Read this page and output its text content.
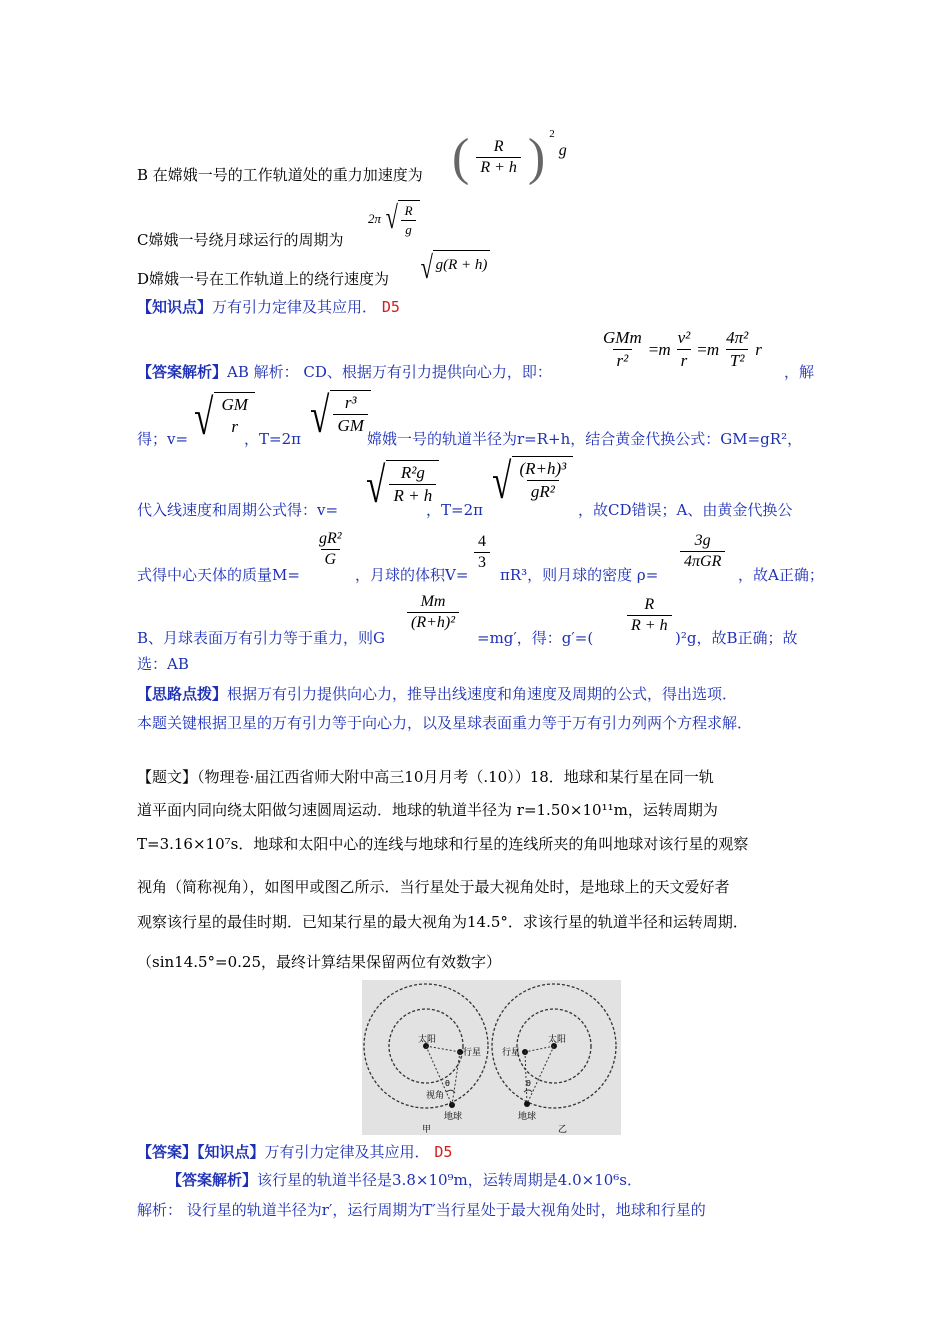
B 在嫦娥一号的工作轨道处的重力加速度为 ( $\frac{R}{R + h}$ ) $^2$ g
C嫦娥一号绕月球运行的周期为
2π √ $\frac{R}{g}$
D嫦娥一号在工作轨道上的绕行速度为 √ g(R + h)
【知识点】万有引力定律及其应用． D5
【答案解析】AB 解析： CD、根据万有引力提供向心力，即：
$\frac{\text{GMm}}{\text{r²}} = m \frac{\text{v²}}{r} = m \frac{\text{4π²}}{\text{T²}}$ r
，解
得；v= √ GM
r
，T=2π √ $\frac{\text{r³}}{GM}$
嫦娥一号的轨道半径为r=R+h，结合黄金代换公式：GM=gR²，
代入线速度和周期公式得：v= √ $\frac{\text{R²g}}{R + h}$
，T=2π
√ $\frac{\text{(R+h)³}}{\text{gR²}}$
，故CD错误；A、由黄金代换公
式得中心天体的质量M=
$\frac{\text{gR²}}{G}$
，月球的体积V=
$\frac{4}{3}$
πR³，则月球的密度 ρ=
$\frac{3g}{\text{4πGR}}$
，故A正确；
B、月球表面万有引力等于重力，则G
$\frac{Mm}{\text{(R+h)²}}$
=mg′，得：g′=(
$\frac{R}{R + h}$
)²g，故B正确；故
选：AB
【思路点拨】根据万有引力提供向心力，推导出线速度和角速度及周期的公式，得出选项．
本题关键根据卫星的万有引力等于向心力，以及星球表面重力等于万有引力列两个方程求解．
【题文】（物理卷·届江西省师大附中高三10月月考（.10））18．地球和某行星在同一轨
道平面内同向绕太阳做匀速圆周运动．地球的轨道半径为 r=1.50×10¹¹m，运转周期为
T=3.16×10⁷s．地球和太阳中心的连线与地球和行星的连线所夹的角叫地球对该行星的观察
视角（简称视角），如图甲或图乙所示．当行星处于最大视角处时，是地球上的天文爱好者
观察该行星的最佳时期．已知某行星的最大视角为14.5°．求该行星的轨道半径和运转周期．
（sin14.5°=0.25，最终计算结果保留两位有效数字）
太阳
行星
θ
视角
地球
甲
太阳
行星
θ
地球
乙
【答案】【知识点】万有引力定律及其应用． D5
【答案解析】该行星的轨道半径是3.8×10⁹m，运转周期是4.0×10⁶s．
解析： 设行星的轨道半径为r′，运行周期为T′当行星处于最大视角处时，地球和行星的
